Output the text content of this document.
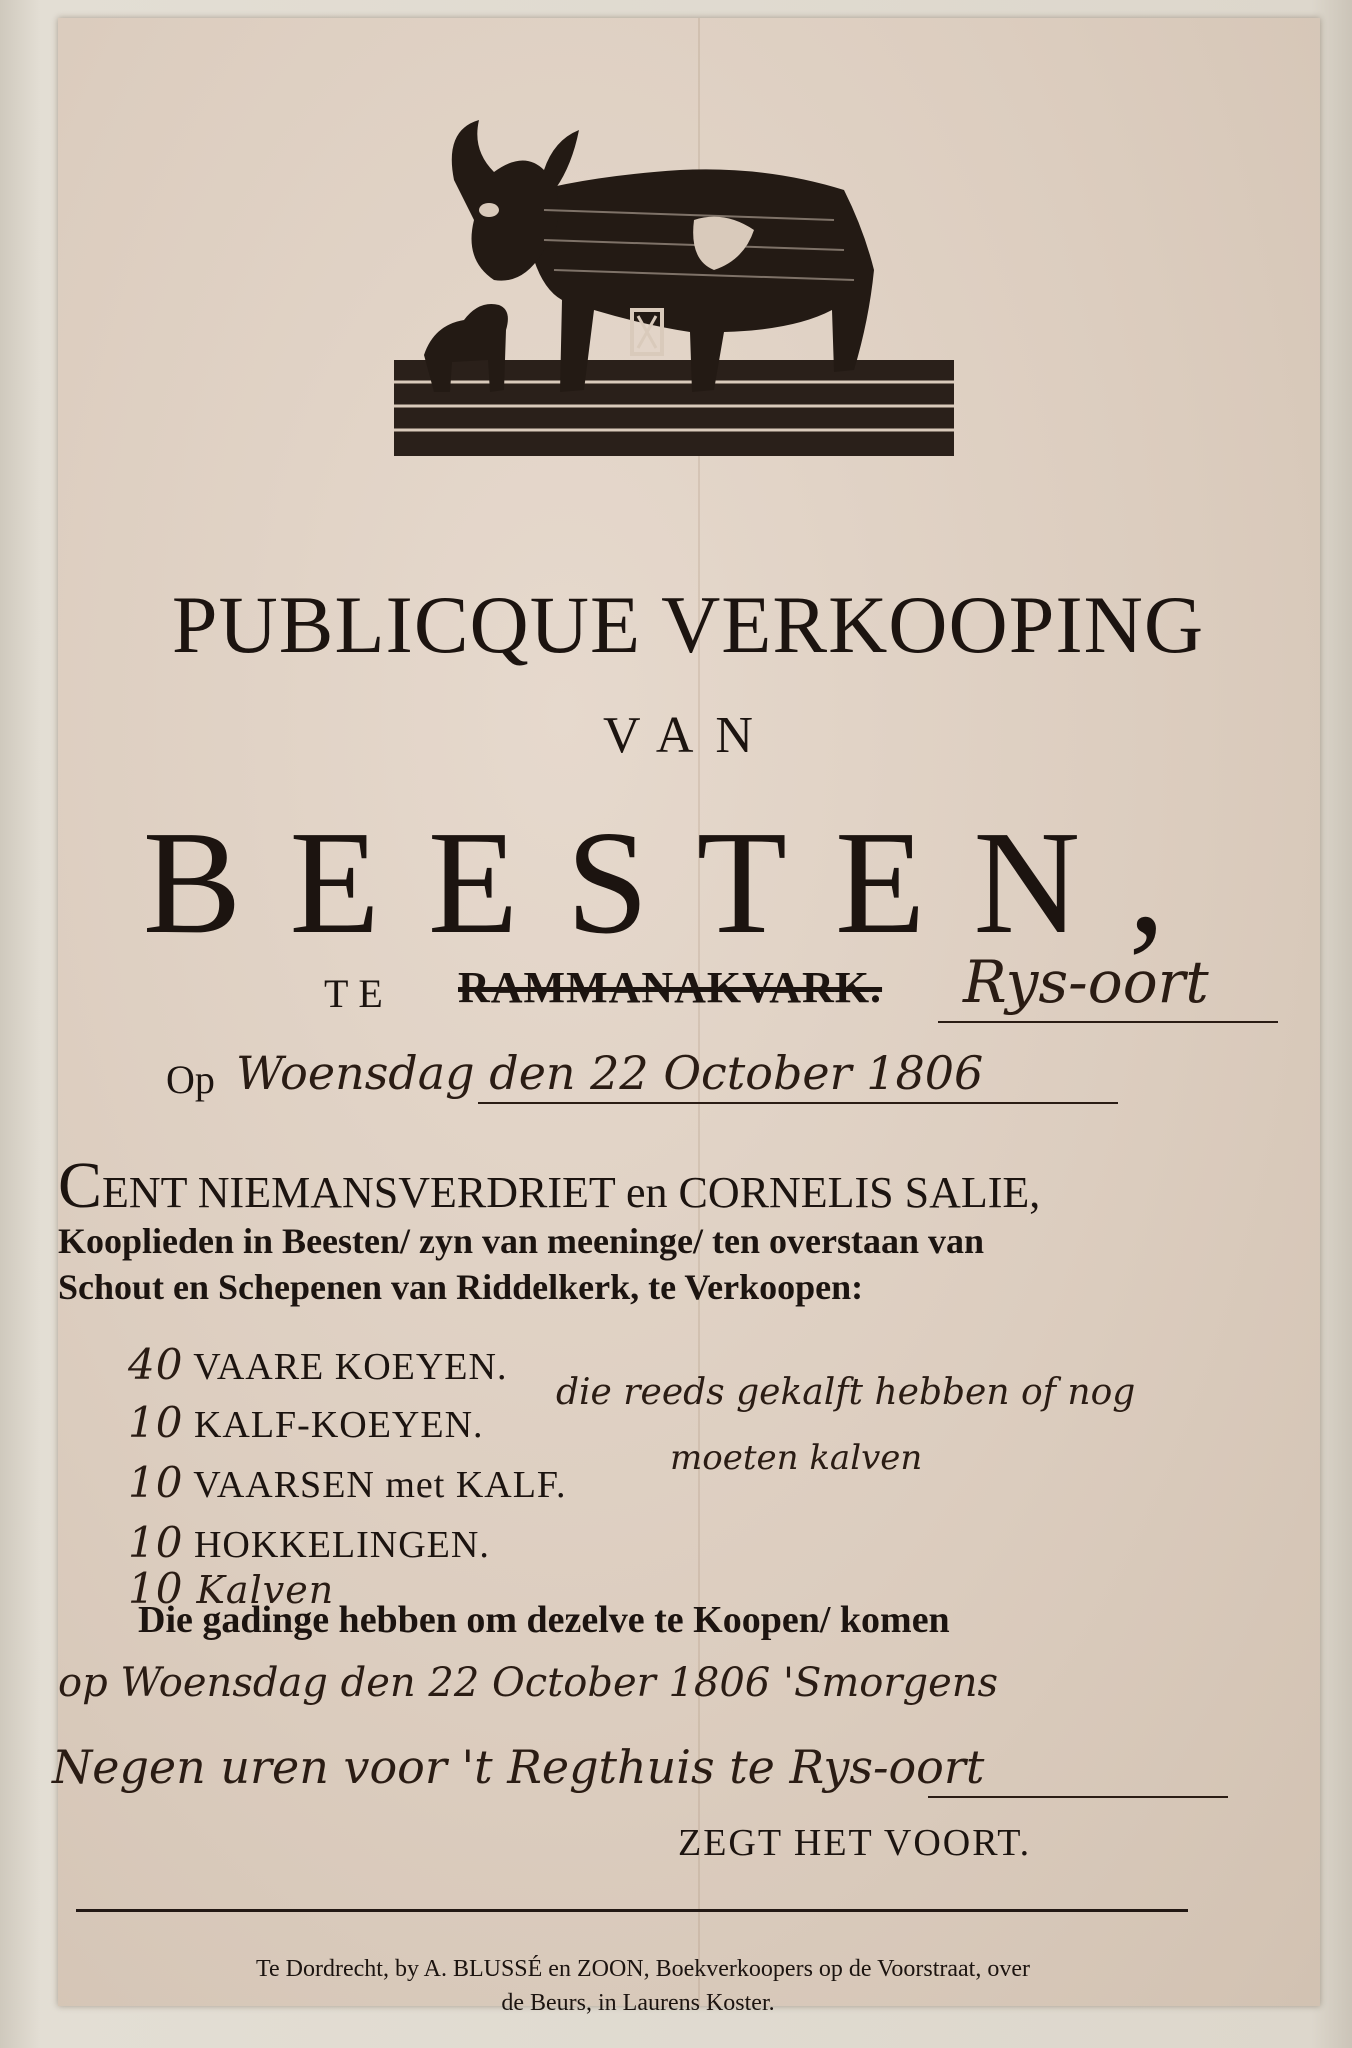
PUBLICQUE VERKOOPING
VAN
BEESTEN,
TE RAMMANAKVARK. Rys-oort
Op Woensdag den 22 October 1806
CENT NIEMANSVERDRIET en CORNELIS SALIE,
Kooplieden in Beesten/ zyn van meeninge/ ten overstaan van
Schout en Schepenen van Riddelkerk, te Verkoopen:
40 VAARE KOEYEN.
10 KALF-KOEYEN.
10 VAARSEN met KALF.
10 HOKKELINGEN.
10 Kalven
die reeds gekalft hebben of nog
moeten kalven
Die gadinge hebben om dezelve te Koopen/ komen
op Woensdag den 22 October 1806 'Smorgens
Negen uren voor 't Regthuis te Rys-oort
ZEGT HET VOORT.
Te Dordrecht, by A. BLUSSÉ en ZOON, Boekverkoopers op de Voorstraat, over
de Beurs, in Laurens Koster.
